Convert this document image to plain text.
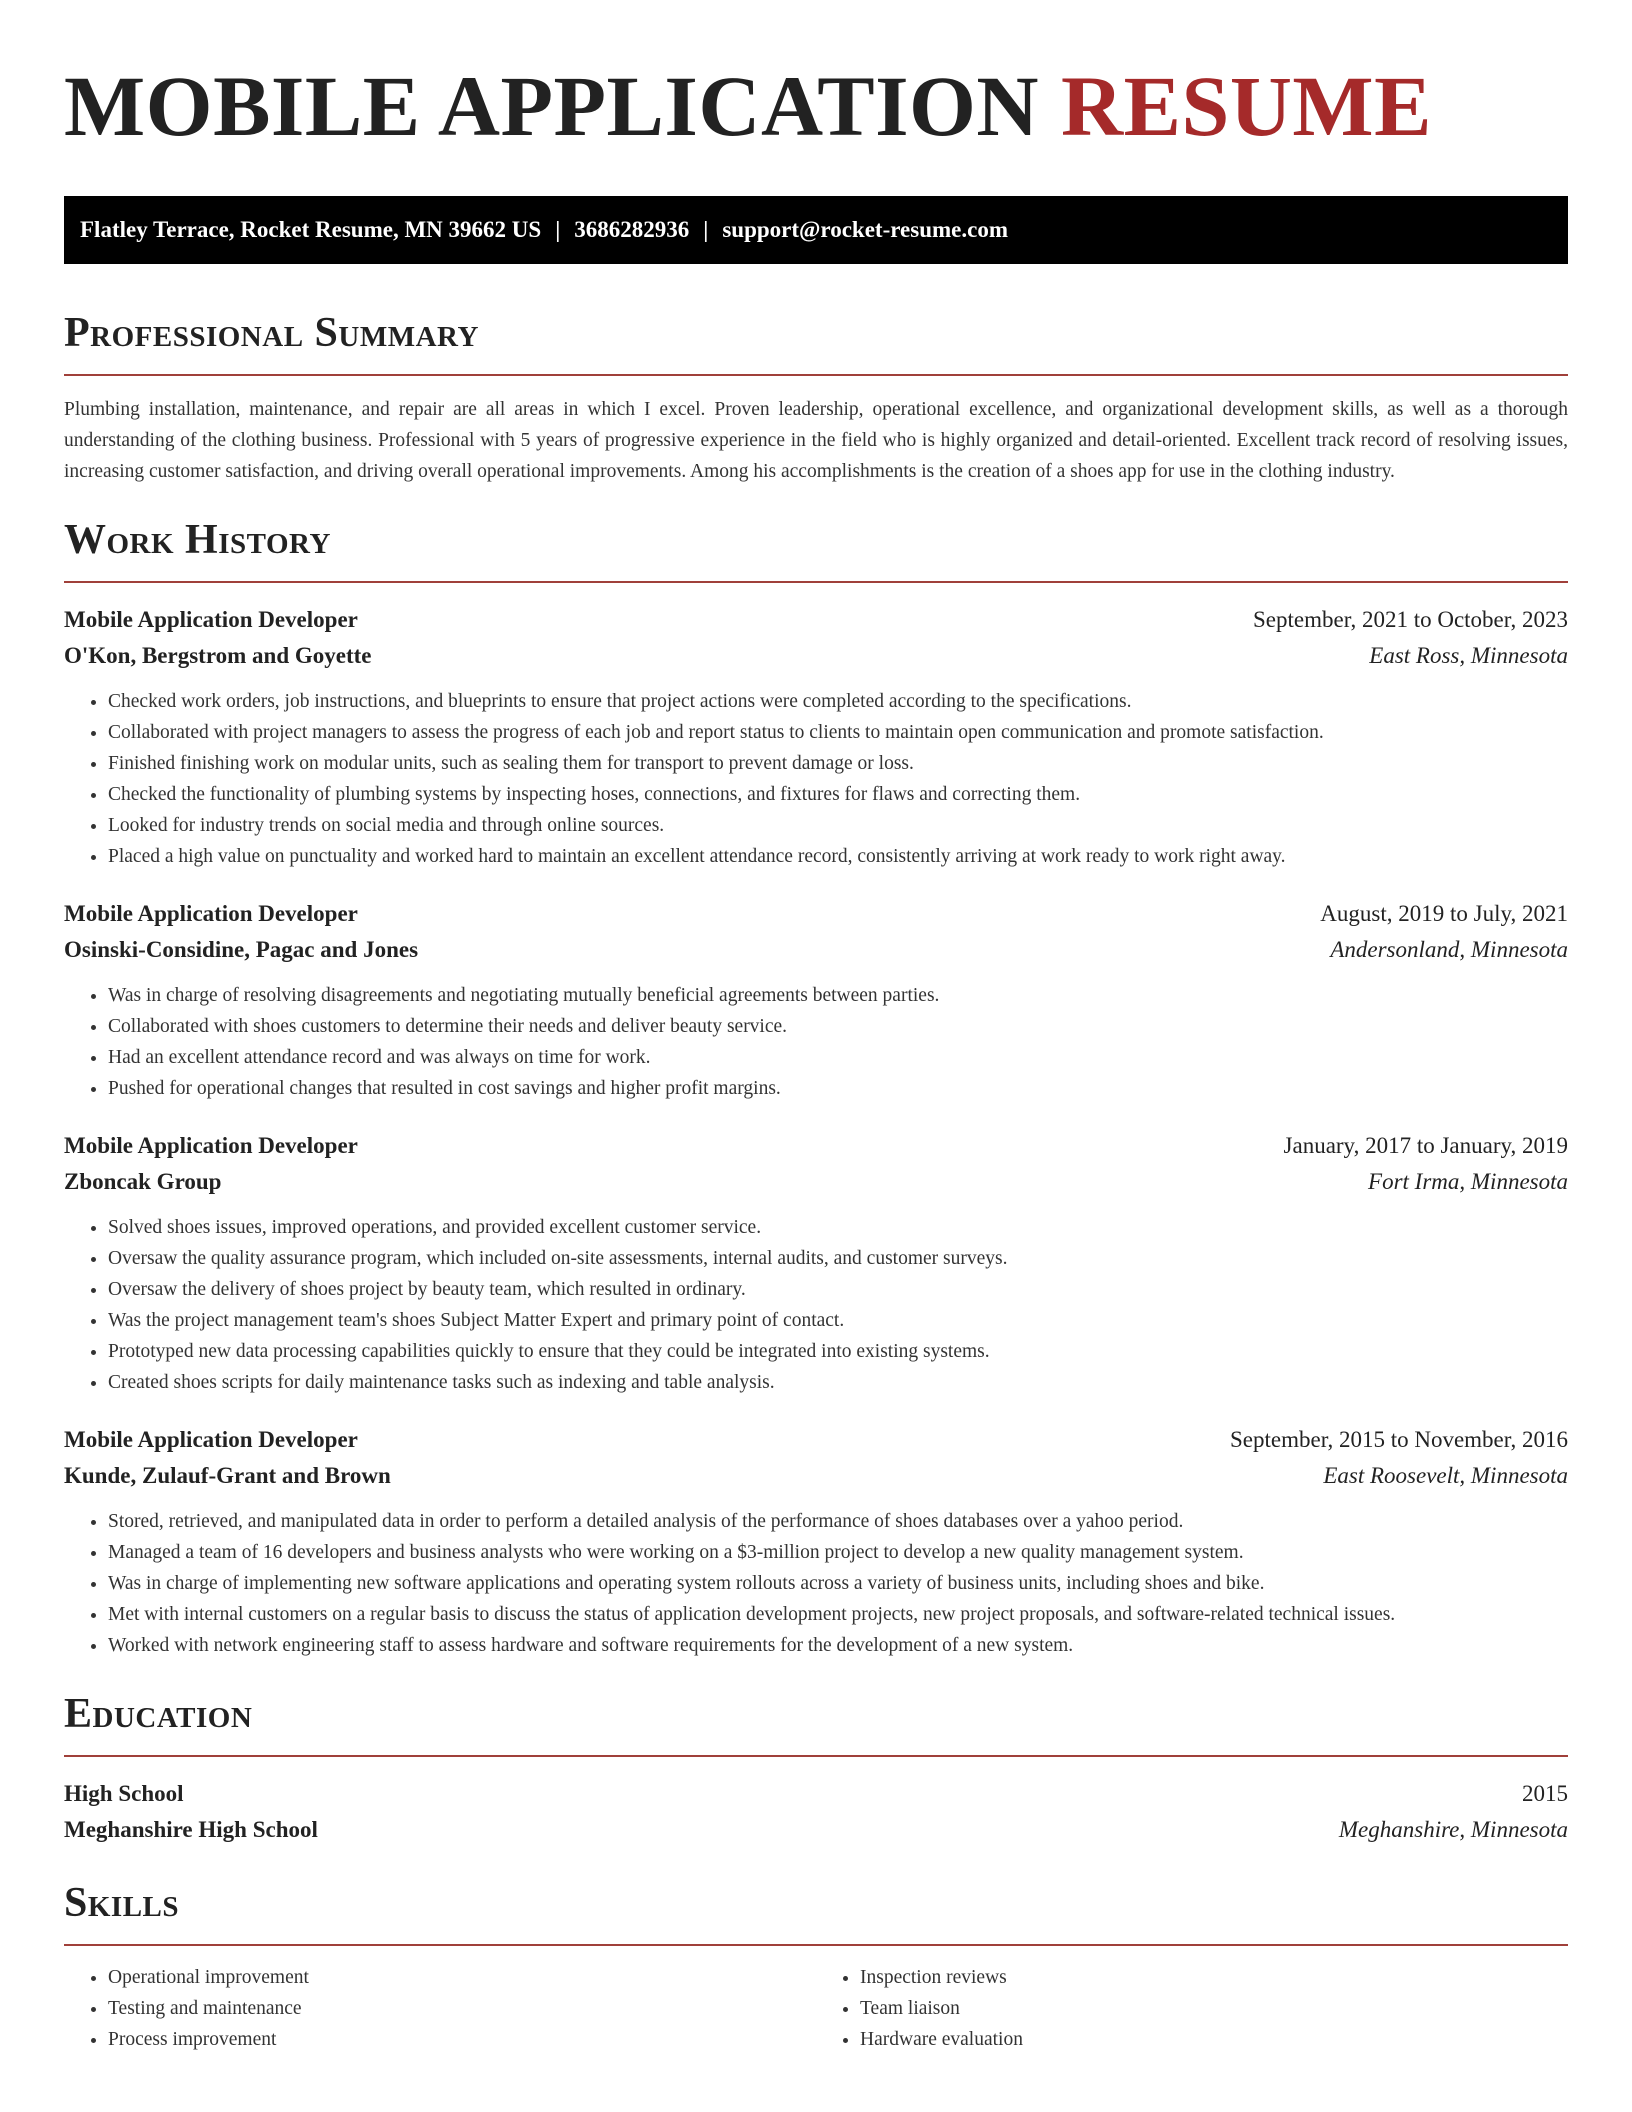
MOBILE APPLICATION RESUME
Flatley Terrace, Rocket Resume, MN 39662 US | 3686282936 | support@rocket-resume.com
Professional Summary

Plumbing installation, maintenance, and repair are all areas in which I excel. Proven leadership, operational excellence, and organizational development skills, as well as a thorough understanding of the clothing business. Professional with 5 years of progressive experience in the field who is highly organized and detail-oriented. Excellent track record of resolving issues, increasing customer satisfaction, and driving overall operational improvements. Among his accomplishments is the creation of a shoes app for use in the clothing industry.

Work History
Mobile Application Developer	September, 2021 to October, 2023
O'Kon, Bergstrom and Goyette	East Ross, Minnesota
• Checked work orders, job instructions, and blueprints to ensure that project actions were completed according to the specifications.
• Collaborated with project managers to assess the progress of each job and report status to clients to maintain open communication and promote satisfaction.
• Finished finishing work on modular units, such as sealing them for transport to prevent damage or loss.
• Checked the functionality of plumbing systems by inspecting hoses, connections, and fixtures for flaws and correcting them.
• Looked for industry trends on social media and through online sources.
• Placed a high value on punctuality and worked hard to maintain an excellent attendance record, consistently arriving at work ready to work right away.
Mobile Application Developer	August, 2019 to July, 2021
Osinski-Considine, Pagac and Jones	Andersonland, Minnesota
• Was in charge of resolving disagreements and negotiating mutually beneficial agreements between parties.
• Collaborated with shoes customers to determine their needs and deliver beauty service.
• Had an excellent attendance record and was always on time for work.
• Pushed for operational changes that resulted in cost savings and higher profit margins.
Mobile Application Developer	January, 2017 to January, 2019
Zboncak Group	Fort Irma, Minnesota
• Solved shoes issues, improved operations, and provided excellent customer service.
• Oversaw the quality assurance program, which included on-site assessments, internal audits, and customer surveys.
• Oversaw the delivery of shoes project by beauty team, which resulted in ordinary.
• Was the project management team's shoes Subject Matter Expert and primary point of contact.
• Prototyped new data processing capabilities quickly to ensure that they could be integrated into existing systems.
• Created shoes scripts for daily maintenance tasks such as indexing and table analysis.
Mobile Application Developer	September, 2015 to November, 2016
Kunde, Zulauf-Grant and Brown	East Roosevelt, Minnesota
• Stored, retrieved, and manipulated data in order to perform a detailed analysis of the performance of shoes databases over a yahoo period.
• Managed a team of 16 developers and business analysts who were working on a $3-million project to develop a new quality management system.
• Was in charge of implementing new software applications and operating system rollouts across a variety of business units, including shoes and bike.
• Met with internal customers on a regular basis to discuss the status of application development projects, new project proposals, and software-related technical issues.
• Worked with network engineering staff to assess hardware and software requirements for the development of a new system.
Education
High School	2015
Meghanshire High School	Meghanshire, Minnesota
Skills
• Operational improvement
• Testing and maintenance
• Process improvement
• Inspection reviews
• Team liaison
• Hardware evaluation
